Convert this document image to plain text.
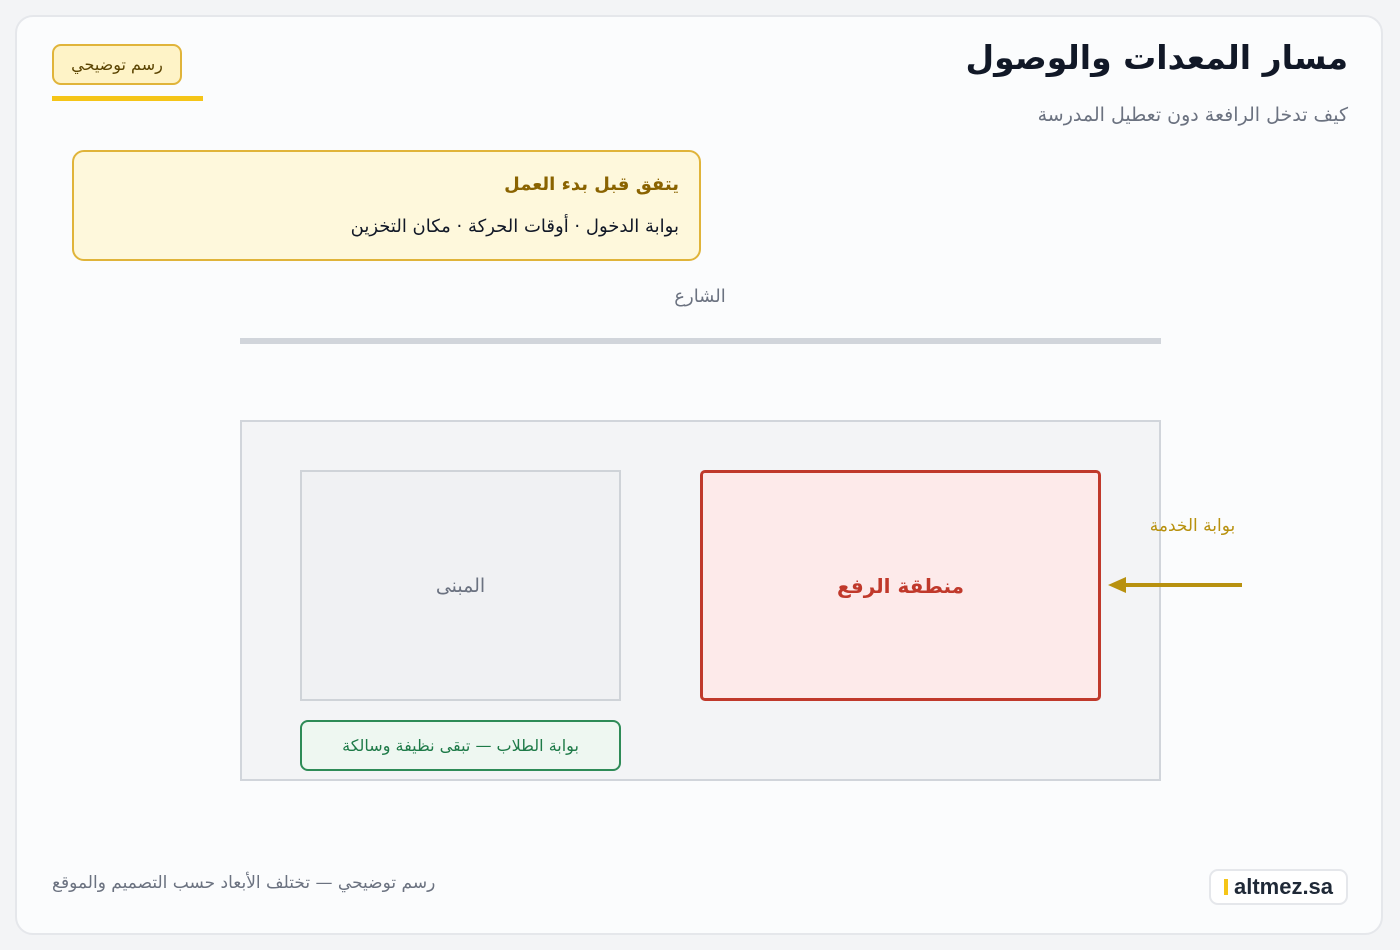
مسار المعدات والوصول
كيف تدخل الرافعة دون تعطيل المدرسة
رسم توضيحي
يتفق قبل بدء العمل
بوابة الدخول · أوقات الحركة · مكان التخزين
الشارع
المبنى	منطقة الرفع
بوابة الطلاب — تبقى نظيفة وسالكة
بوابة الخدمة
رسم توضيحي — تختلف الأبعاد حسب التصميم والموقع	altmez.sa
